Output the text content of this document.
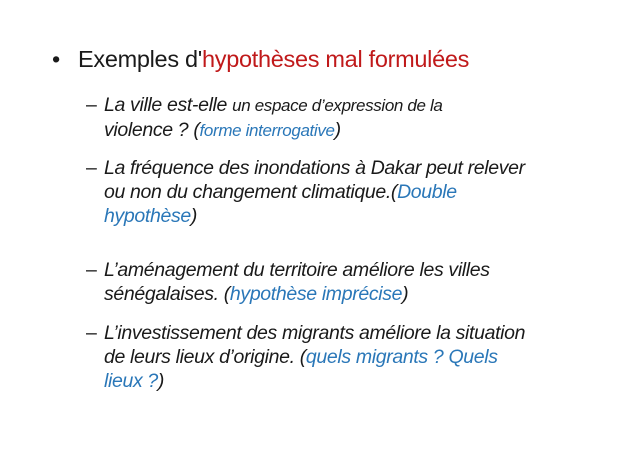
• Exemples d'hypothèses mal formulées
– La ville est-elle un espace d’expression de la
violence ? (forme interrogative)
– La fréquence des inondations à Dakar peut relever
ou non du changement climatique.(Double
hypothèse)
– L’aménagement du territoire améliore les villes
sénégalaises. (hypothèse imprécise)
– L’investissement des migrants améliore la situation
de leurs lieux d’origine. (quels migrants ? Quels
lieux ?)
